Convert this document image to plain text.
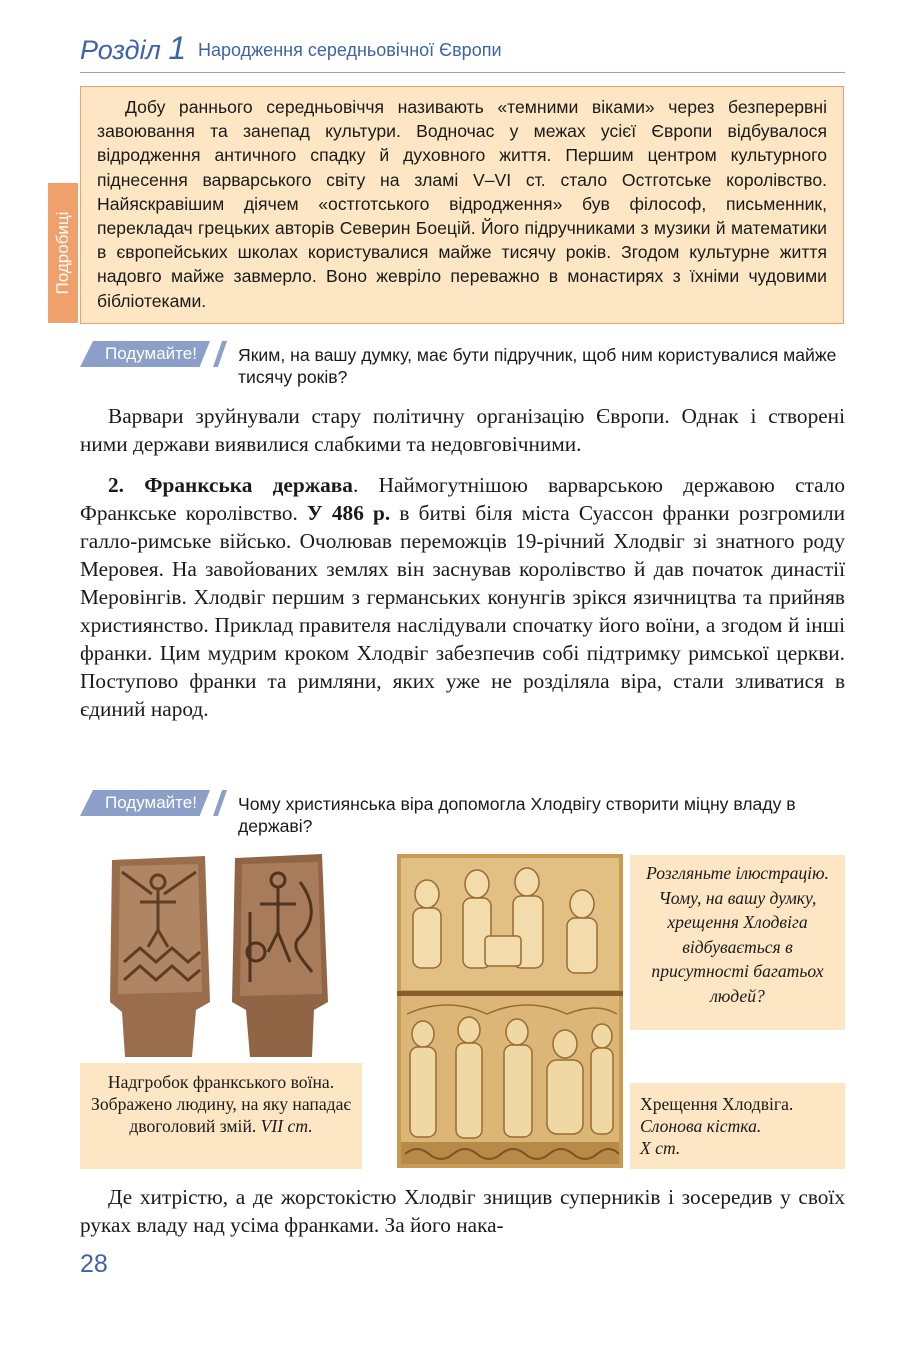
Розділ 1 Народження середньовічної Європи
Подробиці

Добу раннього середньовіччя називають «темними віками» через безперервні завоювання та занепад культури. Водночас у межах усієї Європи відбувалося відродження античного спадку й духовного життя. Першим центром культурного піднесення варварського світу на зламі V–VI ст. стало Остготське королівство. Найяскравішим діячем «остготського відродження» був філософ, письменник, перекладач грецьких авторів Северин Боецій. Його підручниками з музики й математики в європейських школах користувалися майже тисячу років. Згодом культурне життя надовго майже завмерло. Воно жевріло переважно в монастирях з їхніми чудовими бібліотеками.

Подумайте! Яким, на вашу думку, має бути підручник, щоб ним користувалися майже тисячу років?

Варвари зруйнували стару політичну організацію Європи. Однак і створені ними держави виявилися слабкими та недовговічними.

2. Франкська держава. Наймогутнішою варварською державою стало Франкське королівство. У 486 р. в битві біля міста Суассон франки розгромили галло-римське військо. Очолював переможців 19-річний Хлодвіг зі знатного роду Меровея. На завойованих землях він заснував королівство й дав початок династії Меровінгів. Хлодвіг першим з германських конунгів зрікся язичництва та прийняв християнство. Приклад правителя наслідували спочатку його воїни, а згодом й інші франки. Цим мудрим кроком Хлодвіг забезпечив собі підтримку римської церкви. Поступово франки та римляни, яких уже не розділяла віра, стали зливатися в єдиний народ.

Подумайте! Чому християнська віра допомогла Хлодвігу створити міцну владу в державі?
Надгробок франкського воїна. Зображено людину, на яку нападає двоголовий змій. VII ст.
Розгляньте ілюстрацію. Чому, на вашу думку, хрещення Хлодвіга відбувається в присутності багатьох людей?
Хрещення Хлодвіга.
Слонова кістка.
X ст.

Де хитрістю, а де жорстокістю Хлодвіг знищив суперників і зосередив у своїх руках владу над усіма франками. За його нака-

28
